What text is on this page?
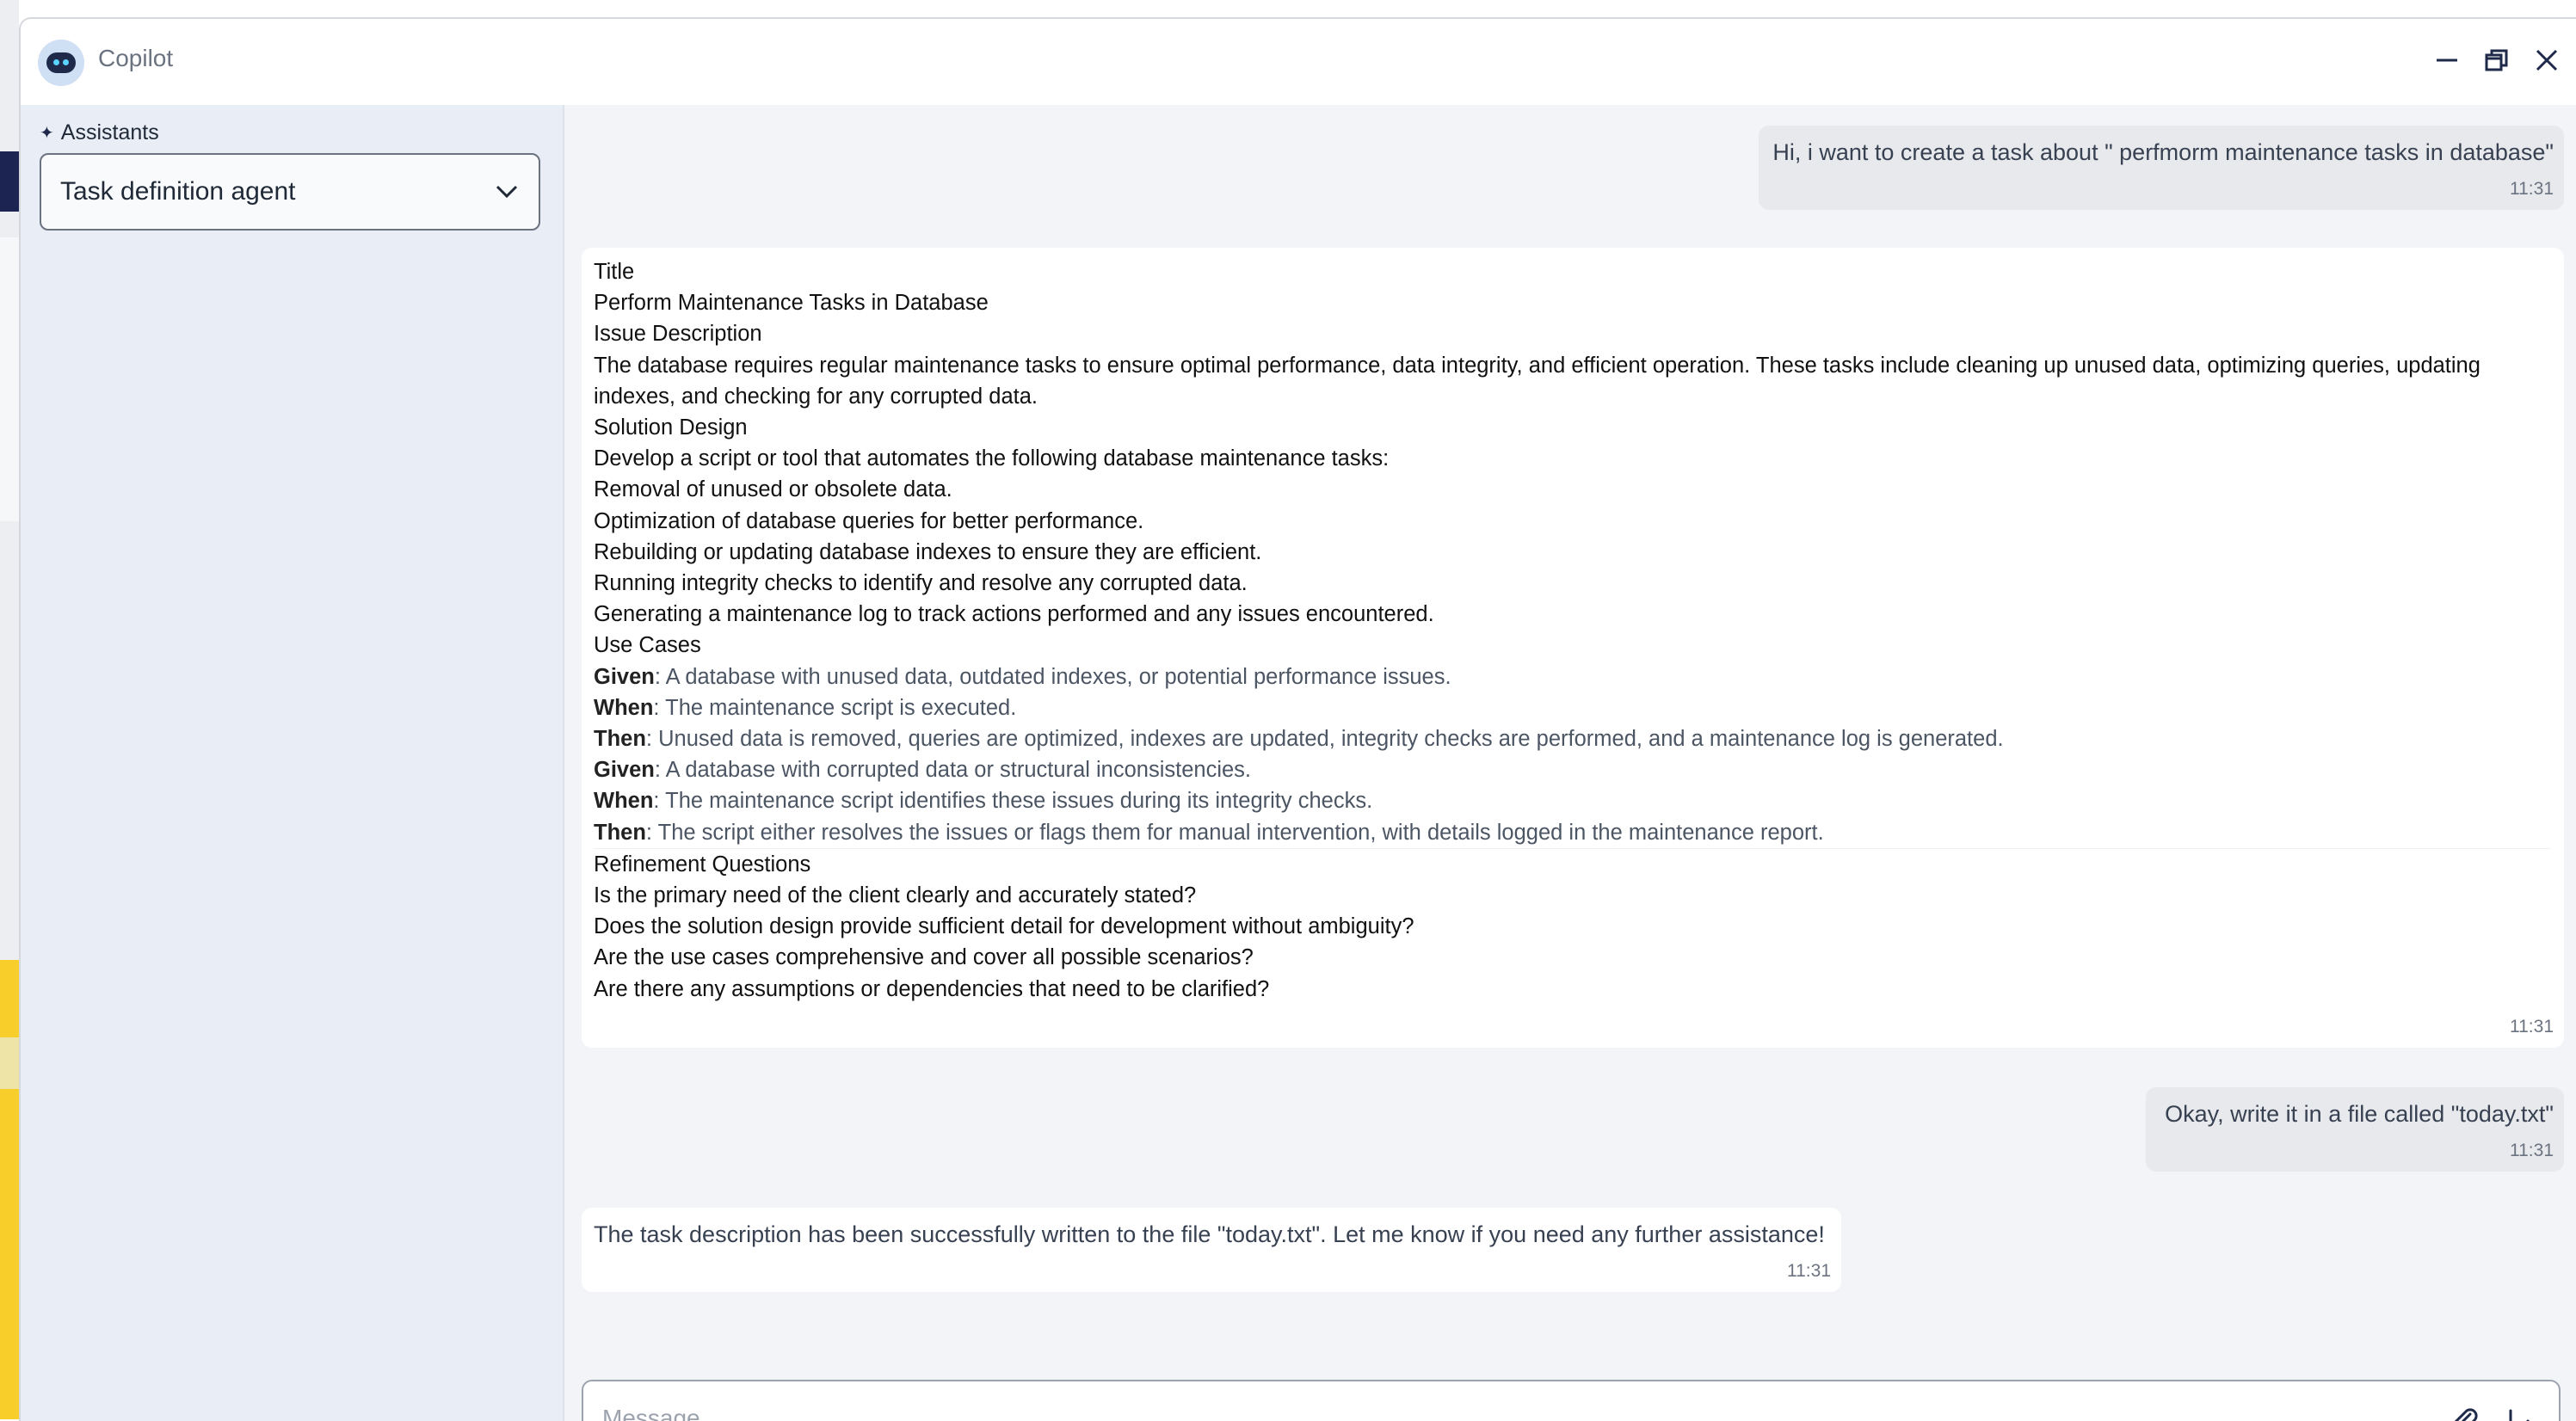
Copilot
✦ Assistants
Task definition agent
Hi, i want to create a task about " perfmorm maintenance tasks in database"
11:31
Title
Perform Maintenance Tasks in Database
Issue Description
The database requires regular maintenance tasks to ensure optimal performance, data integrity, and efficient operation. These tasks include cleaning up unused data, optimizing queries, updating indexes, and checking for any corrupted data.
Solution Design
Develop a script or tool that automates the following database maintenance tasks:
Removal of unused or obsolete data.
Optimization of database queries for better performance.
Rebuilding or updating database indexes to ensure they are efficient.
Running integrity checks to identify and resolve any corrupted data.
Generating a maintenance log to track actions performed and any issues encountered.
Use Cases
Given: A database with unused data, outdated indexes, or potential performance issues.
When: The maintenance script is executed.
Then: Unused data is removed, queries are optimized, indexes are updated, integrity checks are performed, and a maintenance log is generated.
Given: A database with corrupted data or structural inconsistencies.
When: The maintenance script identifies these issues during its integrity checks.
Then: The script either resolves the issues or flags them for manual intervention, with details logged in the maintenance report.
Refinement Questions
Is the primary need of the client clearly and accurately stated?
Does the solution design provide sufficient detail for development without ambiguity?
Are the use cases comprehensive and cover all possible scenarios?
Are there any assumptions or dependencies that need to be clarified?
11:31
Okay, write it in a file called "today.txt"
11:31
The task description has been successfully written to the file "today.txt". Let me know if you need any further assistance!
11:31
Message...
